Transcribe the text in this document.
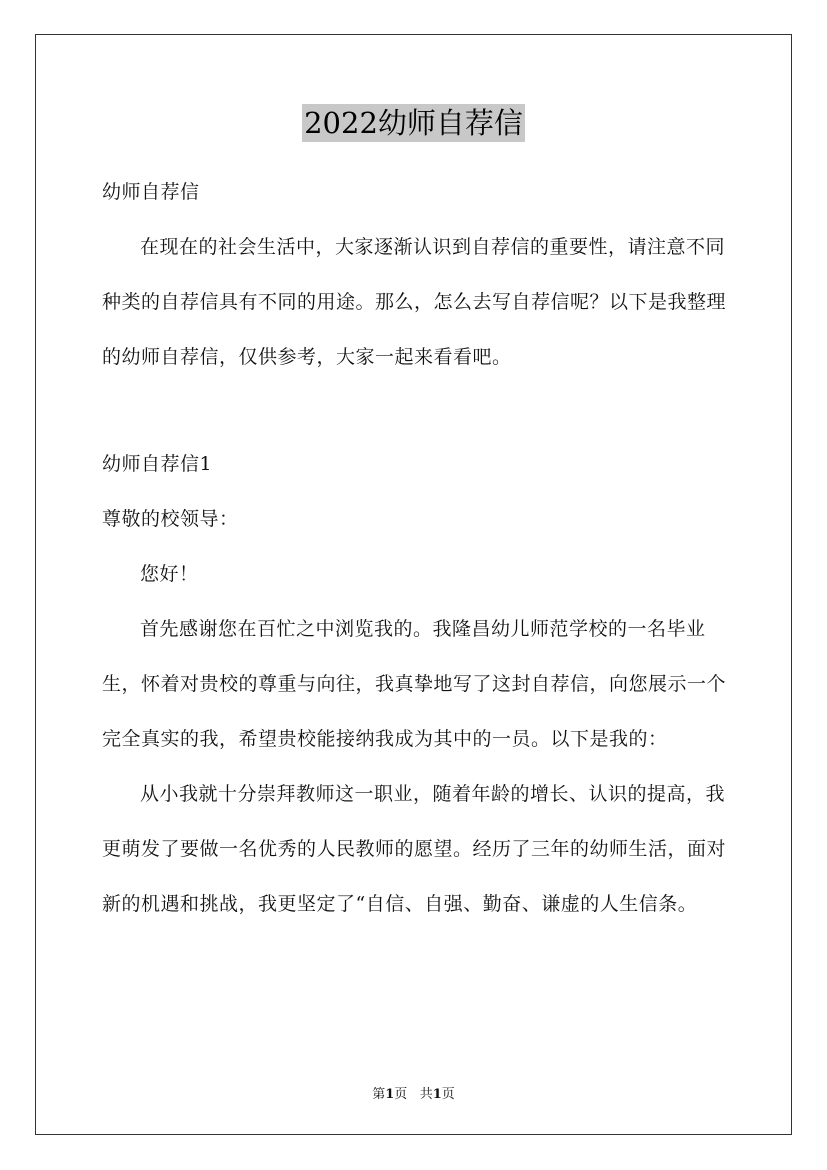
2022幼师自荐信

幼师自荐信

在现在的社会生活中，大家逐渐认识到自荐信的重要性，请注意不同种类的自荐信具有不同的用途。那么，怎么去写自荐信呢？以下是我整理的幼师自荐信，仅供参考，大家一起来看看吧。

幼师自荐信1

尊敬的校领导：

您好！

首先感谢您在百忙之中浏览我的。我隆昌幼儿师范学校的一名毕业生，怀着对贵校的尊重与向往，我真挚地写了这封自荐信，向您展示一个完全真实的我，希望贵校能接纳我成为其中的一员。以下是我的：

从小我就十分崇拜教师这一职业，随着年龄的增长、认识的提高，我更萌发了要做一名优秀的人民教师的愿望。经历了三年的幼师生活，面对新的机遇和挑战，我更坚定了“自信、自强、勤奋、谦虚的人生信条。

第1页 共1页
